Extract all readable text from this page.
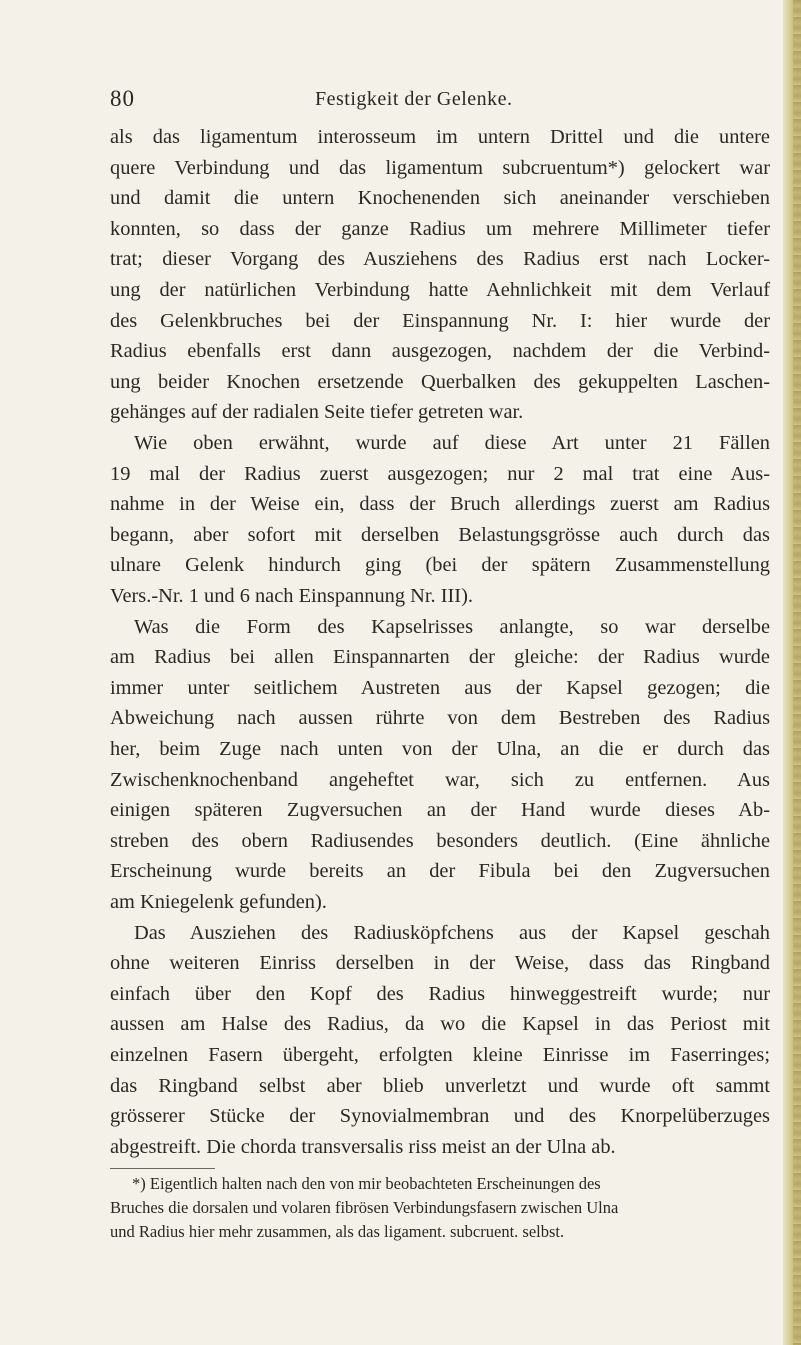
80	Festigkeit der Gelenke.
als das ligamentum interosseum im untern Drittel und die untere
quere Verbindung und das ligamentum subcruentum*) gelockert war
und damit die untern Knochenenden sich aneinander verschieben
konnten, so dass der ganze Radius um mehrere Millimeter tiefer
trat; dieser Vorgang des Ausziehens des Radius erst nach Locker-
ung der natürlichen Verbindung hatte Aehnlichkeit mit dem Verlauf
des Gelenkbruches bei der Einspannung Nr. I: hier wurde der
Radius ebenfalls erst dann ausgezogen, nachdem der die Verbind-
ung beider Knochen ersetzende Querbalken des gekuppelten Laschen-
gehänges auf der radialen Seite tiefer getreten war.
Wie oben erwähnt, wurde auf diese Art unter 21 Fällen
19 mal der Radius zuerst ausgezogen; nur 2 mal trat eine Aus-
nahme in der Weise ein, dass der Bruch allerdings zuerst am Radius
begann, aber sofort mit derselben Belastungsgrösse auch durch das
ulnare Gelenk hindurch ging (bei der spätern Zusammenstellung
Vers.-Nr. 1 und 6 nach Einspannung Nr. III).
Was die Form des Kapselrisses anlangte, so war derselbe
am Radius bei allen Einspannarten der gleiche: der Radius wurde
immer unter seitlichem Austreten aus der Kapsel gezogen; die
Abweichung nach aussen rührte von dem Bestreben des Radius
her, beim Zuge nach unten von der Ulna, an die er durch das
Zwischenknochenband angeheftet war, sich zu entfernen. Aus
einigen späteren Zugversuchen an der Hand wurde dieses Ab-
streben des obern Radiusendes besonders deutlich. (Eine ähnliche
Erscheinung wurde bereits an der Fibula bei den Zugversuchen
am Kniegelenk gefunden).
Das Ausziehen des Radiusköpfchens aus der Kapsel geschah
ohne weiteren Einriss derselben in der Weise, dass das Ringband
einfach über den Kopf des Radius hinweggestreift wurde; nur
aussen am Halse des Radius, da wo die Kapsel in das Periost mit
einzelnen Fasern übergeht, erfolgten kleine Einrisse im Faserringes;
das Ringband selbst aber blieb unverletzt und wurde oft sammt
grösserer Stücke der Synovialmembran und des Knorpelüberzuges
abgestreift. Die chorda transversalis riss meist an der Ulna ab.
*) Eigentlich halten nach den von mir beobachteten Erscheinungen des
Bruches die dorsalen und volaren fibrösen Verbindungsfasern zwischen Ulna
und Radius hier mehr zusammen, als das ligament. subcruent. selbst.
